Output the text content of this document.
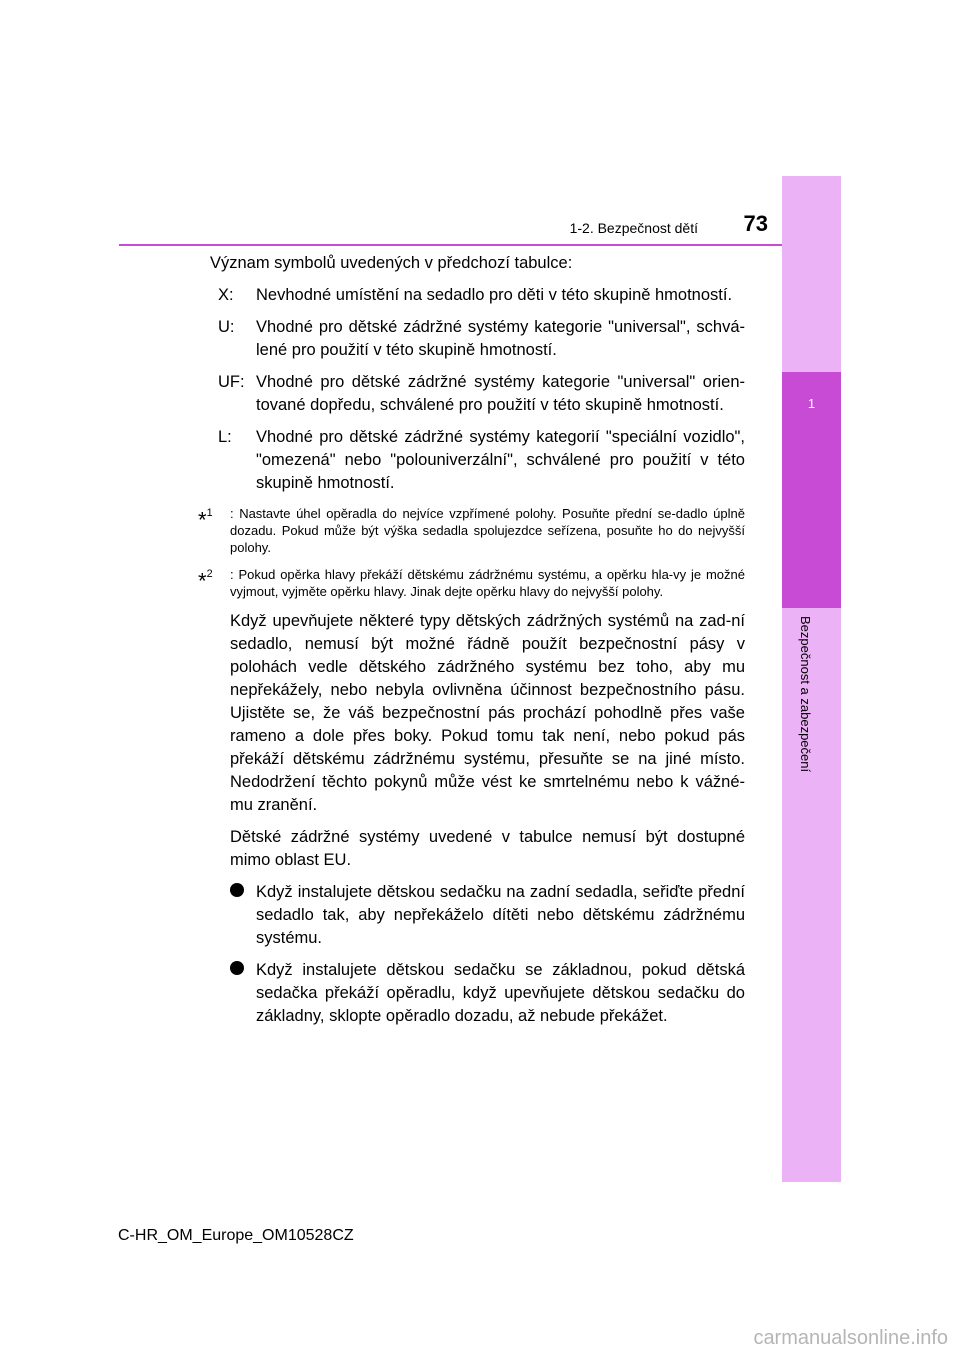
1
Bezpečnost a zabezpečení
73
1-2. Bezpečnost dětí

Význam symbolů uvedených v předchozí tabulce:

X:	Nevhodné umístění na sedadlo pro děti v této skupině hmotností.
U:	Vhodné pro dětské zádržné systémy kategorie "universal", schvá-lené pro použití v této skupině hmotností.
UF: Vhodné pro dětské zádržné systémy kategorie "universal" orien-tované dopředu, schválené pro použití v této skupině hmotností.
L:	Vhodné pro dětské zádržné systémy kategorií "speciální vozidlo", "omezená" nebo "polouniverzální", schválené pro použití v této skupině hmotností.
*$^1$	: Nastavte úhel opěradla do nejvíce vzpřímené polohy. Posuňte přední se-dadlo úplně dozadu. Pokud může být výška sedadla spolujezdce seřízena, posuňte ho do nejvyšší polohy.
*$^2$	: Pokud opěrka hlavy překáží dětskému zádržnému systému, a opěrku hla-vy je možné vyjmout, vyjměte opěrku hlavy. Jinak dejte opěrku hlavy do nejvyšší polohy.

Když upevňujete některé typy dětských zádržných systémů na zad-ní sedadlo, nemusí být možné řádně použít bezpečnostní pásy v polohách vedle dětského zádržného systému bez toho, aby mu nepřekážely, nebo nebyla ovlivněna účinnost bezpečnostního pásu. Ujistěte se, že váš bezpečnostní pás prochází pohodlně přes vaše rameno a dole přes boky. Pokud tomu tak není, nebo pokud pás překáží dětskému zádržnému systému, přesuňte se na jiné místo. Nedodržení těchto pokynů může vést ke smrtelnému nebo k vážné-mu zranění.

Dětské zádržné systémy uvedené v tabulce nemusí být dostupné mimo oblast EU.

Když instalujete dětskou sedačku na zadní sedadla, seřiďte přední sedadlo tak, aby nepřekáželo dítěti nebo dětskému zádržnému systému.
Když instalujete dětskou sedačku se základnou, pokud dětská sedačka překáží opěradlu, když upevňujete dětskou sedačku do základny, sklopte opěradlo dozadu, až nebude překážet.
C-HR_OM_Europe_OM10528CZ
carmanualsonline.info
